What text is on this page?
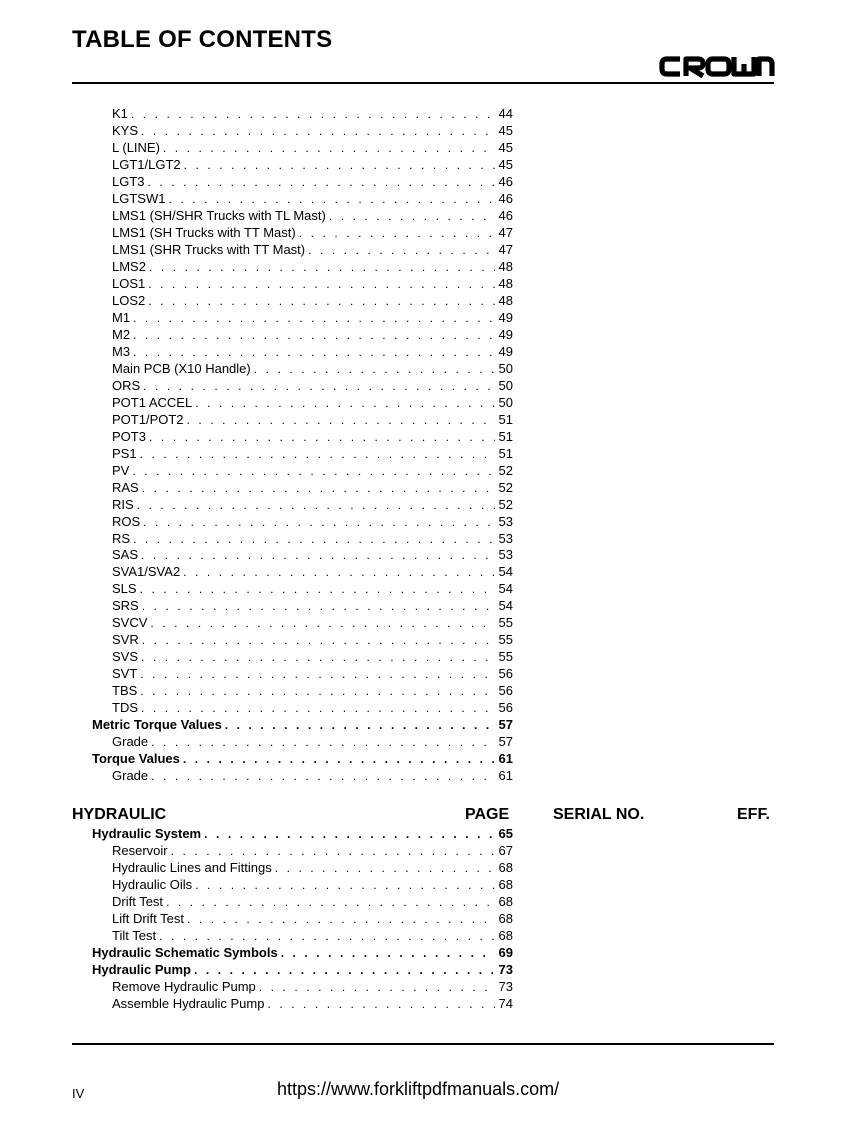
TABLE OF CONTENTS
K1 . . .	44
KYS . . .	45
L (LINE) . . .	45
LGT1/LGT2 . . .	45
LGT3 . . .	46
LGTSW1 . . .	46
LMS1 (SH/SHR Trucks with TL Mast) . . .	46
LMS1 (SH Trucks with TT Mast) . . .	47
LMS1 (SHR Trucks with TT Mast) . . .	47
LMS2 . . .	48
LOS1 . . .	48
LOS2 . . .	48
M1 . . .	49
M2 . . .	49
M3 . . .	49
Main PCB (X10 Handle) . . .	50
ORS . . .	50
POT1 ACCEL . . .	50
POT1/POT2 . . .	51
POT3 . . .	51
PS1 . . .	51
PV . . .	52
RAS . . .	52
RIS . . .	52
ROS . . .	53
RS . . .	53
SAS . . .	53
SVA1/SVA2 . . .	54
SLS . . .	54
SRS . . .	54
SVCV . . .	55
SVR . . .	55
SVS . . .	55
SVT . . .	56
TBS . . .	56
TDS . . .	56
Metric Torque Values . . .	57
Grade . . .	57
Torque Values . . .	61
Grade . . .	61
HYDRAULIC	PAGE	SERIAL NO.	EFF.
Hydraulic System . . .	65
Reservoir . . .	67
Hydraulic Lines and Fittings . . .	68
Hydraulic Oils . . .	68
Drift Test . . .	68
Lift Drift Test . . .	68
Tilt Test . . .	68
Hydraulic Schematic Symbols . . .	69
Hydraulic Pump . . .	73
Remove Hydraulic Pump . . .	73
Assemble Hydraulic Pump . . .	74
IV	https://www.forkliftpdfmanuals.com/
